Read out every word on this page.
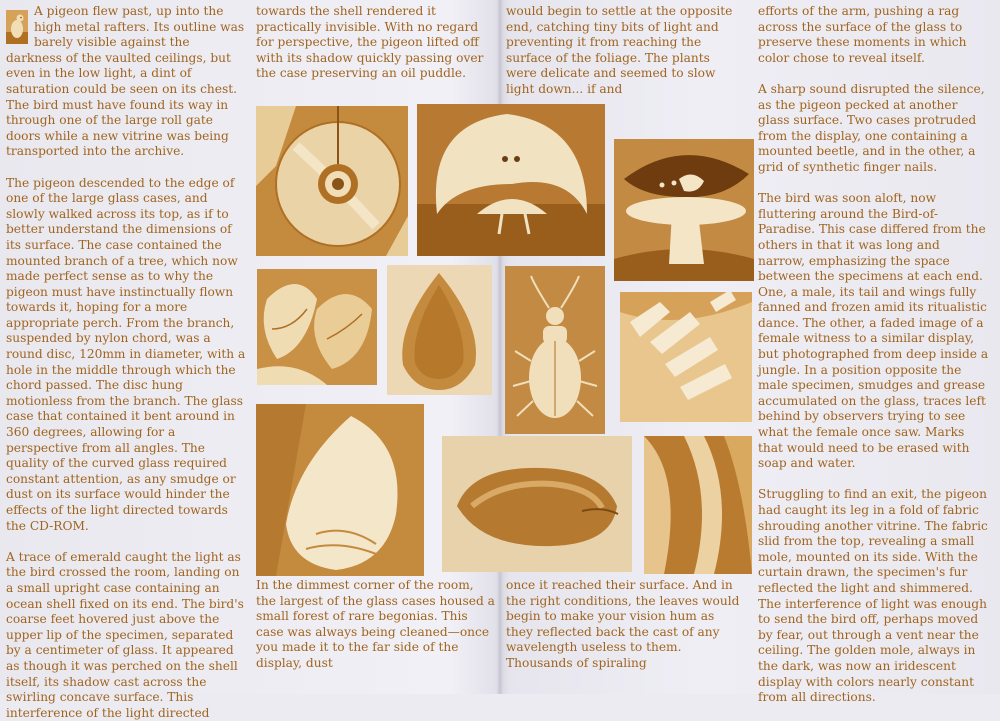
A pigeon flew past, up into the high metal rafters. Its outline was barely visible against the darkness of the vaulted ceilings, but even in the low light, a dint of saturation could be seen on its chest. The bird must have found its way in through one of the large roll gate doors while a new vitrine was being transported into the archive.

The pigeon descended to the edge of one of the large glass cases, and slowly walked across its top, as if to better understand the dimensions of its surface. The case contained the mounted branch of a tree, which now made perfect sense as to why the pigeon must have instinctually flown towards it, hoping for a more appropriate perch. From the branch, suspended by nylon chord, was a round disc, 120mm in diameter, with a hole in the middle through which the chord passed. The disc hung motionless from the branch. The glass case that contained it bent around in 360 degrees, allowing for a perspective from all angles. The quality of the curved glass required constant attention, as any smudge or dust on its surface would hinder the effects of the light directed towards the CD-ROM.

A trace of emerald caught the light as the bird crossed the room, landing on a small upright case containing an ocean shell fixed on its end. The bird's coarse feet hovered just above the upper lip of the specimen, separated by a centimeter of glass. It appeared as though it was perched on the shell itself, its shadow cast across the swirling concave surface. This interference of the light directed

towards the shell rendered it practically invisible. With no regard for perspective, the pigeon lifted off with its shadow quickly passing over the case preserving an oil puddle.

In the dimmest corner of the room, the largest of the glass cases housed a small forest of rare begonias. This case was always being cleaned—once you made it to the far side of the display, dust

would begin to settle at the opposite end, catching tiny bits of light and preventing it from reaching the surface of the foliage. The plants were delicate and seemed to slow light down... if and

once it reached their surface. And in the right conditions, the leaves would begin to make your vision hum as they reflected back the cast of any wavelength useless to them. Thousands of spiraling

efforts of the arm, pushing a rag across the surface of the glass to preserve these moments in which color chose to reveal itself.

A sharp sound disrupted the silence, as the pigeon pecked at another glass surface. Two cases protruded from the display, one containing a mounted beetle, and in the other, a grid of synthetic finger nails.

The bird was soon aloft, now fluttering around the Bird-of-Paradise. This case differed from the others in that it was long and narrow, emphasizing the space between the specimens at each end. One, a male, its tail and wings fully fanned and frozen amid its ritualistic dance. The other, a faded image of a female witness to a similar display, but photographed from deep inside a jungle. In a position opposite the male specimen, smudges and grease accumulated on the glass, traces left behind by observers trying to see what the female once saw. Marks that would need to be erased with soap and water.

Struggling to find an exit, the pigeon had caught its leg in a fold of fabric shrouding another vitrine. The fabric slid from the top, revealing a small mole, mounted on its side. With the curtain drawn, the specimen's fur reflected the light and shimmered. The interference of light was enough to send the bird off, perhaps moved by fear, out through a vent near the ceiling. The golden mole, always in the dark, was now an iridescent display with colors nearly constant from all directions.
